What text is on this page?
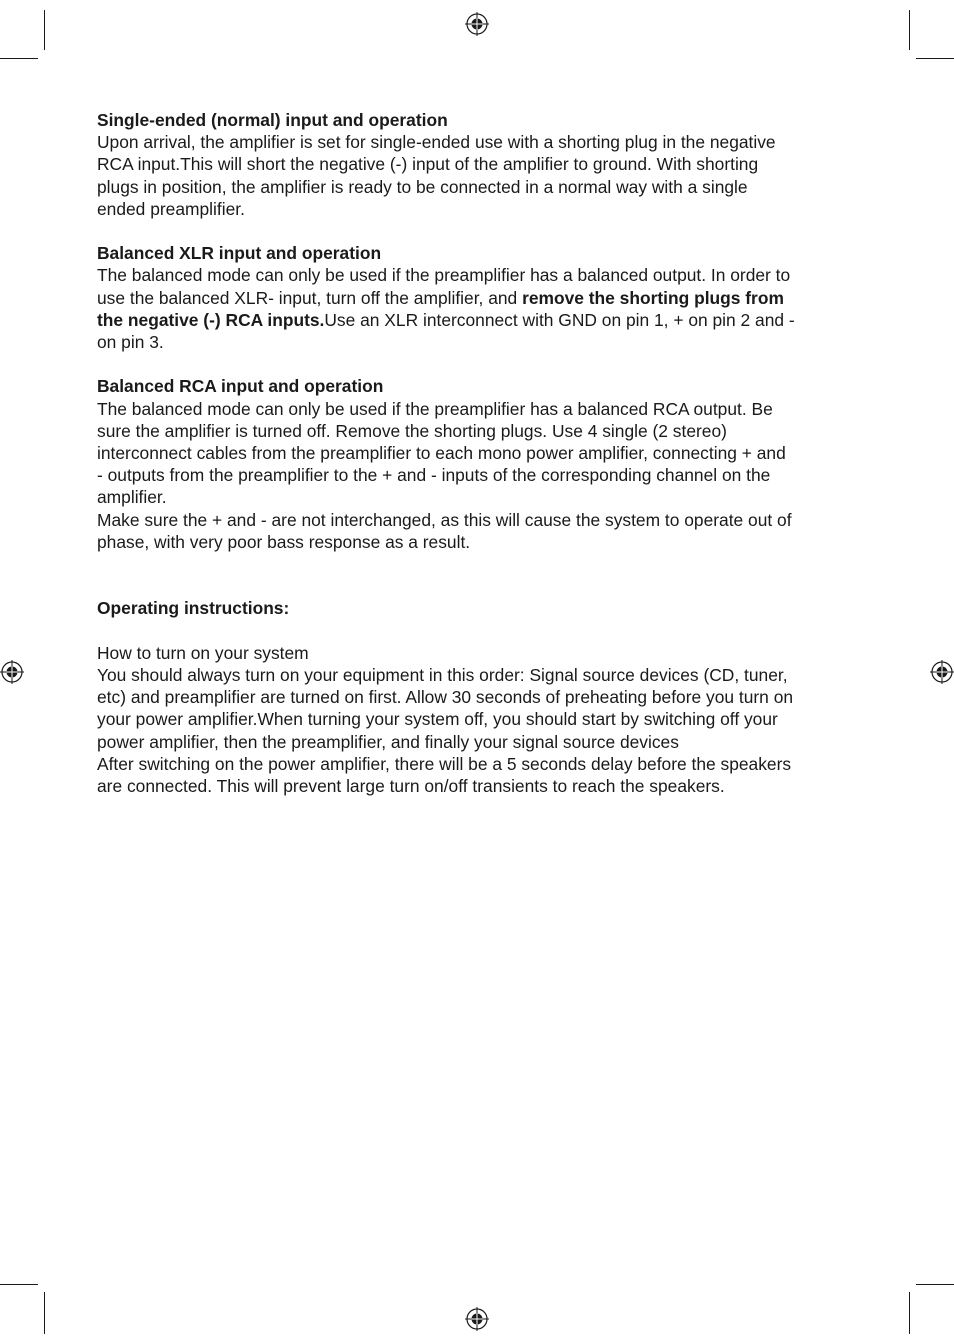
Single-ended (normal) input and operation

Upon arrival, the amplifier is set for single-ended use with a shorting plug in the negative

RCA input.This will short the negative (-) input of the amplifier to ground. With shorting

plugs in position, the amplifier is ready to be connected in a normal way with a single

ended preamplifier.

Balanced XLR input and operation

The balanced mode can only be used if the preamplifier has a balanced output. In order to

use the balanced XLR- input, turn off the amplifier, and remove the shorting plugs from

the negative (-) RCA inputs.Use an XLR interconnect with GND on pin 1, + on pin 2 and -

on pin 3.

Balanced RCA input and operation

The balanced mode can only be used if the preamplifier has a balanced RCA output. Be

sure the amplifier is turned off. Remove the shorting plugs. Use 4 single (2 stereo)

interconnect cables from the preamplifier to each mono power amplifier, connecting + and

- outputs from the preamplifier to the + and - inputs of the corresponding channel on the

amplifier.

Make sure the + and - are not interchanged, as this will cause the system to operate out of

phase, with very poor bass response as a result.

Operating instructions:

How to turn on your system

You should always turn on your equipment in this order: Signal source devices (CD, tuner,

etc) and preamplifier are turned on first. Allow 30 seconds of preheating before you turn on

your power amplifier.When turning your system off, you should start by switching off your

power amplifier, then the preamplifier, and finally your signal source devices

After switching on the power amplifier, there will be a 5 seconds delay before the speakers

are connected. This will prevent large turn on/off transients to reach the speakers.
